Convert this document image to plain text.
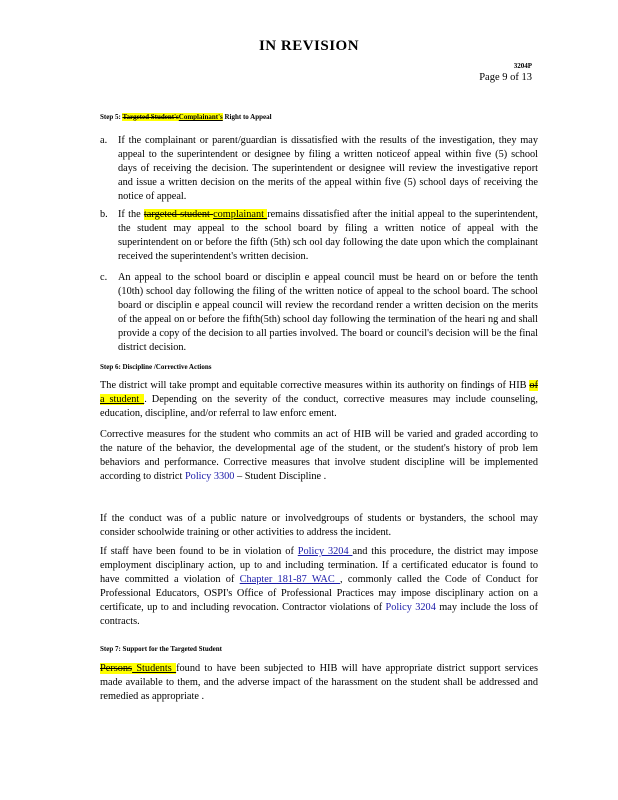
IN REVISION
3204P
Page 9 of 13
Step 5: Targeted Student'sComplainant's Right to Appeal
a. If the complainant or parent/guardian is dissatisfied with the results of the investigation, they may appeal to the superintendent or designee by filing a written noticeof appeal within five (5) school days of receiving the decision. The superintendent or designee will review the investigative report and issue a written decision on the merits of the appeal within five (5) school days of receiving the notice of appeal.
b. If the targeted student complainant remains dissatisfied after the initial appeal to the superintendent, the student may appeal to the school board by filing a written notice of appeal with the superintendent on or before the fifth (5th) sch ool day following the date upon which the complainant received the superintendent's written decision.
c. An appeal to the school board or disciplin e appeal council must be heard on or before the tenth (10th) school day following the filing of the written notice of appeal to the school board. The school board or disciplin e appeal council will review the recordand render a written decision on the merits of the appeal on or before the fifth(5th) school day following the termination of the heari ng and shall provide a copy of the decision to all parties involved. The board or council's decision will be the final district decision.
Step 6: Discipline /Corrective Actions
The district will take prompt and equitable corrective measures within its authority on findings of HIB of a student . Depending on the severity of the conduct, corrective measures may include counseling, education, discipline, and/or referral to law enforc ement.
Corrective measures for the student who commits an act of HIB will be varied and graded according to the nature of the behavior, the developmental age of the student, or the student's history of prob lem behaviors and performance. Corrective measures that involve student discipline will be implemented according to district Policy 3300 – Student Discipline .
If the conduct was of a public nature or involvedgroups of students or bystanders, the school may consider schoolwide training or other activities to address the incident.
If staff have been found to be in violation of Policy 3204 and this procedure, the district may impose employment disciplinary action, up to and including termination. If a certificated educator is found to have committed a violation of Chapter 181-87 WAC , commonly called the Code of Conduct for Professional Educators, OSPI's Office of Professional Practices may impose disciplinary action on a certificate, up to and including revocation. Contractor violations of Policy 3204 may include the loss of contracts.
Step 7: Support for the Targeted Student
Persons Students found to have been subjected to HIB will have appropriate district support services made available to them, and the adverse impact of the harassment on the student shall be addressed and remedied as appropriate .
